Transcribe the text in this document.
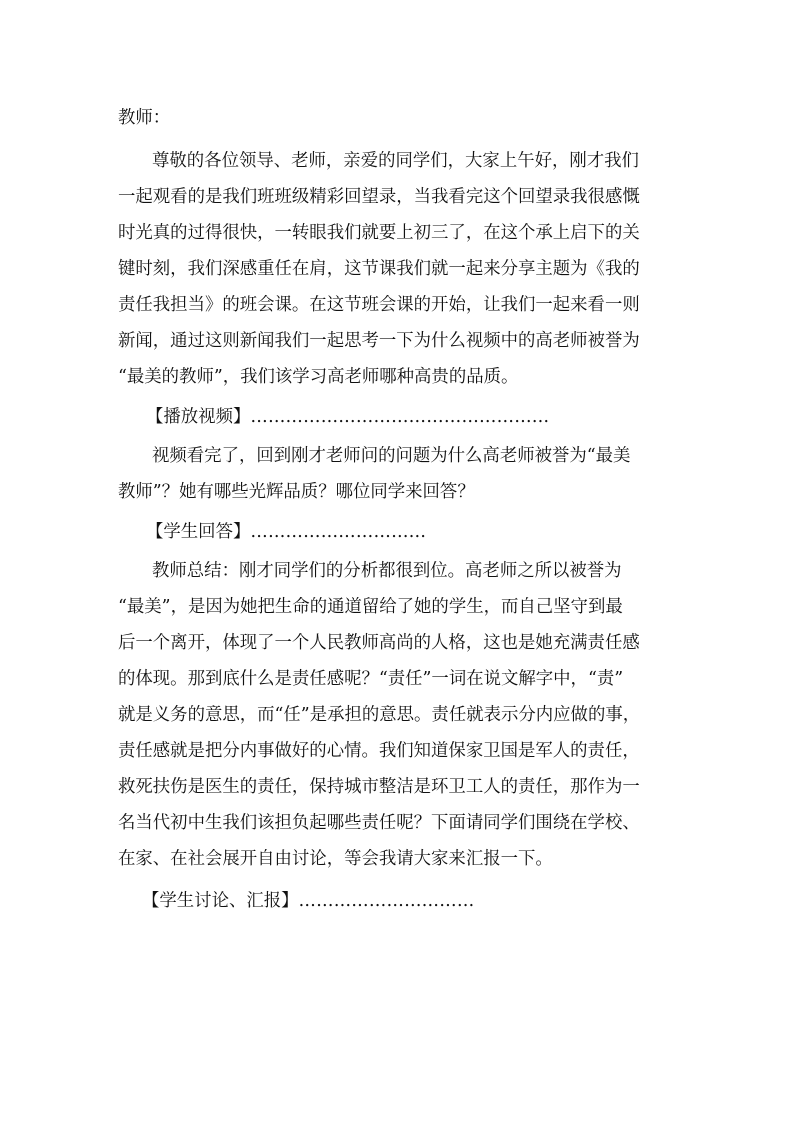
教师：
尊敬的各位领导、老师，亲爱的同学们，大家上午好，刚才我们
一起观看的是我们班班级精彩回望录，当我看完这个回望录我很感慨
时光真的过得很快，一转眼我们就要上初三了，在这个承上启下的关
键时刻，我们深感重任在肩，这节课我们就一起来分享主题为《我的
责任我担当》的班会课。在这节班会课的开始，让我们一起来看一则
新闻，通过这则新闻我们一起思考一下为什么视频中的高老师被誉为
“最美的教师”，我们该学习高老师哪种高贵的品质。
【播放视频】……………………………………………
视频看完了，回到刚才老师问的问题为什么高老师被誉为“最美
教师”？她有哪些光辉品质？哪位同学来回答？
【学生回答】…………………………
教师总结：刚才同学们的分析都很到位。高老师之所以被誉为
“最美”，是因为她把生命的通道留给了她的学生，而自己坚守到最
后一个离开，体现了一个人民教师高尚的人格，这也是她充满责任感
的体现。那到底什么是责任感呢？“责任”一词在说文解字中，“责”
就是义务的意思，而“任”是承担的意思。责任就表示分内应做的事，
责任感就是把分内事做好的心情。我们知道保家卫国是军人的责任，
救死扶伤是医生的责任，保持城市整洁是环卫工人的责任，那作为一
名当代初中生我们该担负起哪些责任呢？下面请同学们围绕在学校、
在家、在社会展开自由讨论，等会我请大家来汇报一下。
【学生讨论、汇报】…………………………
